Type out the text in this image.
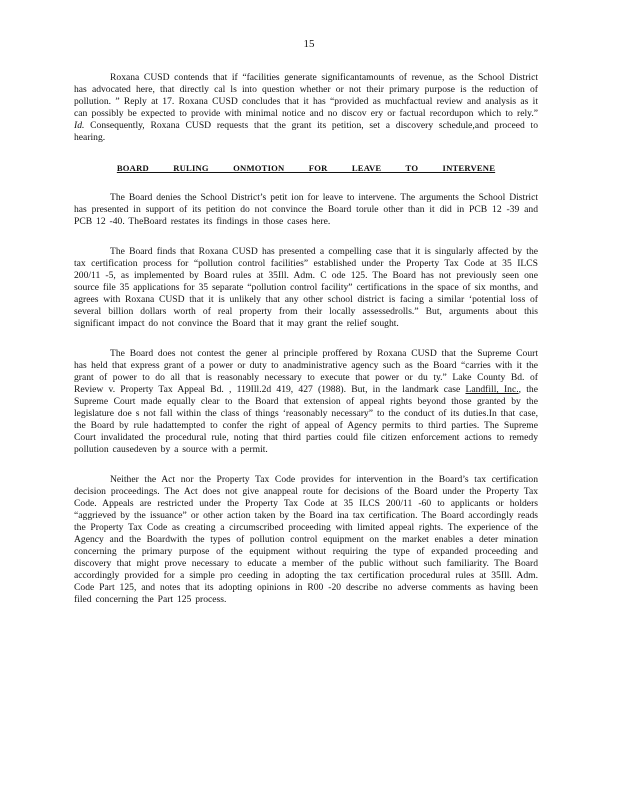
15

Roxana CUSD contends that if “facilities generate significantamounts of revenue, as the School District has advocated here, that directly cal ls into question whether or not their primary purpose is the reduction of pollution. ” Reply at 17. Roxana CUSD concludes that it has “provided as muchfactual review and analysis as it can possibly be expected to provide with minimal notice and no discov ery or factual recordupon which to rely.” Id. Consequently, Roxana CUSD requests that the grant its petition, set a discovery schedule,and proceed to hearing.

BOARD RULING ONMOTION FOR LEAVE TO INTERVENE

The Board denies the School District’s petit ion for leave to intervene. The arguments the School District has presented in support of its petition do not convince the Board torule other than it did in PCB 12 -39 and PCB 12 -40. TheBoard restates its findings in those cases here.

The Board finds that Roxana CUSD has presented a compelling case that it is singularly affected by the tax certification process for “pollution control facilities” established under the Property Tax Code at 35 ILCS 200/11 -5, as implemented by Board rules at 35Ill. Adm. C ode 125. The Board has not previously seen one source file 35 applications for 35 separate “pollution control facility” certifications in the space of six months, and agrees with Roxana CUSD that it is unlikely that any other school district is facing a similar ‘potential loss of several billion dollars worth of real property from their locally assessedrolls.” But, arguments about this significant impact do not convince the Board that it may grant the relief sought.

The Board does not contest the gener al principle proffered by Roxana CUSD that the Supreme Court has held that express grant of a power or duty to anadministrative agency such as the Board “carries with it the grant of power to do all that is reasonably necessary to execute that power or du ty.” Lake County Bd. of Review v. Property Tax Appeal Bd. , 119Ill.2d 419, 427 (1988). But, in the landmark case Landfill, Inc., the Supreme Court made equally clear to the Board that extension of appeal rights beyond those granted by the legislature doe s not fall within the class of things ‘reasonably necessary” to the conduct of its duties.In that case, the Board by rule hadattempted to confer the right of appeal of Agency permits to third parties. The Supreme Court invalidated the procedural rule, noting that third parties could file citizen enforcement actions to remedy pollution causedeven by a source with a permit.

Neither the Act nor the Property Tax Code provides for intervention in the Board’s tax certification decision proceedings. The Act does not give anappeal route for decisions of the Board under the Property Tax Code. Appeals are restricted under the Property Tax Code at 35 ILCS 200/11 -60 to applicants or holders “aggrieved by the issuance” or other action taken by the Board ina tax certification. The Board accordingly reads the Property Tax Code as creating a circumscribed proceeding with limited appeal rights. The experience of the Agency and the Boardwith the types of pollution control equipment on the market enables a deter mination concerning the primary purpose of the equipment without requiring the type of expanded proceeding and discovery that might prove necessary to educate a member of the public without such familiarity. The Board accordingly provided for a simple pro ceeding in adopting the tax certification procedural rules at 35Ill. Adm. Code Part 125, and notes that its adopting opinions in R00 -20 describe no adverse comments as having been filed concerning the Part 125 process.
